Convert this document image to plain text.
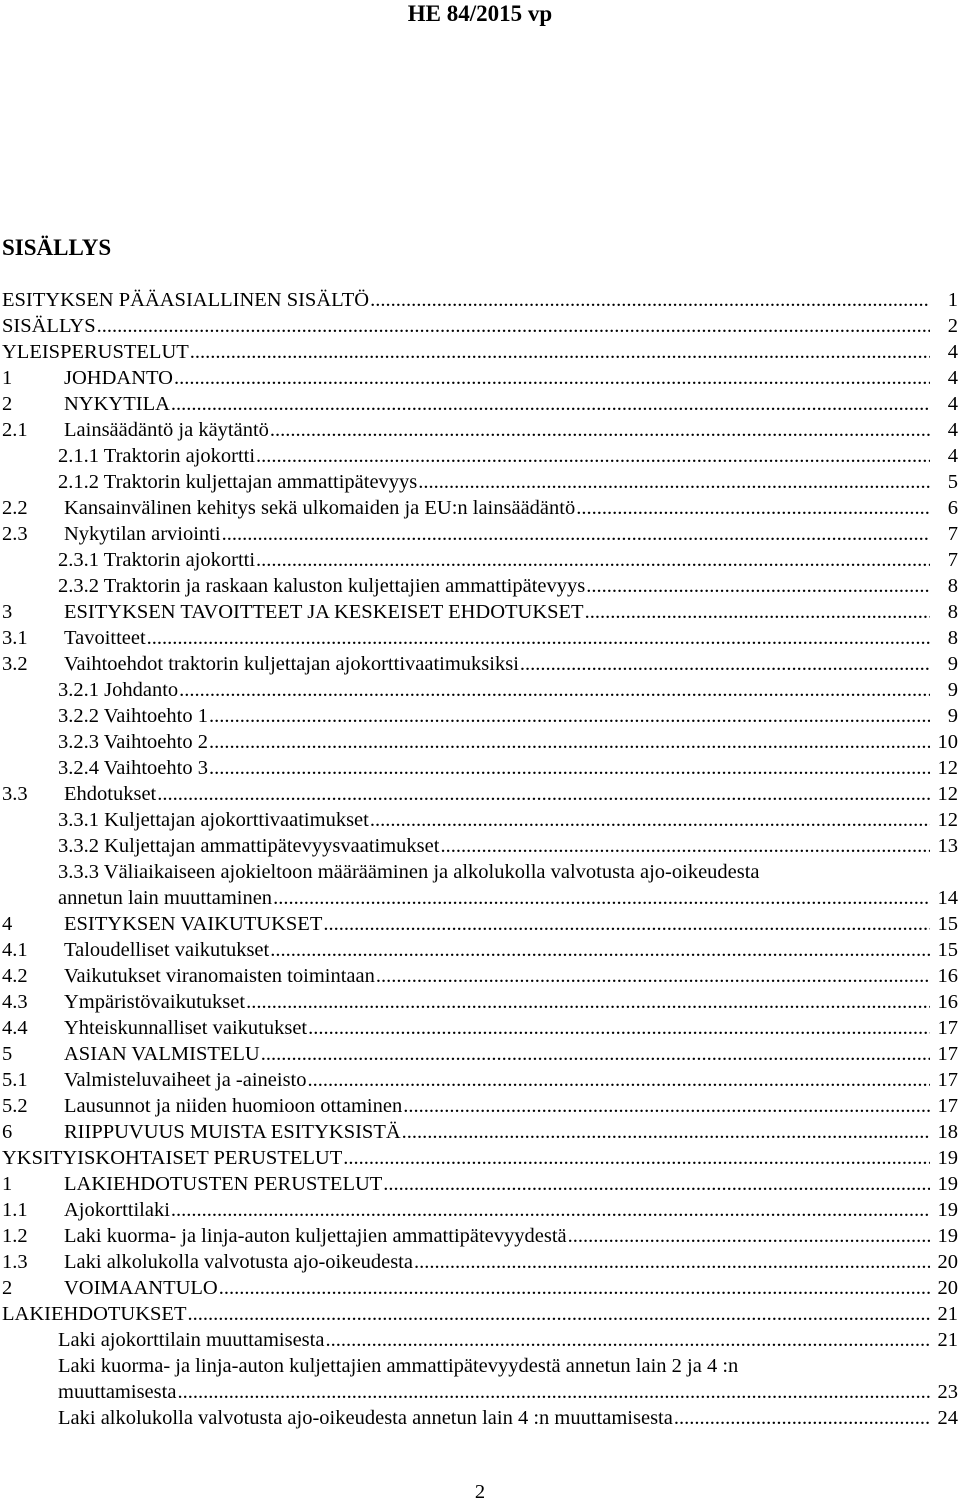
HE 84/2015 vp
SISÄLLYS
ESITYKSEN PÄÄASIALLINEN SISÄLTÖ .....	1
SISÄLLYS .....	2
YLEISPERUSTELUT .....	4
1	JOHDANTO .....	4
2	NYKYTILA .....	4
2.1 Lainsäädäntö ja käytäntö .....	4
2.1.1 Traktorin ajokortti .....	4
2.1.2 Traktorin kuljettajan ammattipätevyys .....	5
2.2 Kansainvälinen kehitys sekä ulkomaiden ja EU:n lainsäädäntö .....	6
2.3 Nykytilan arviointi .....	7
2.3.1 Traktorin ajokortti .....	7
2.3.2 Traktorin ja raskaan kaluston kuljettajien ammattipätevyys .....	8
3	ESITYKSEN TAVOITTEET JA KESKEISET EHDOTUKSET .....	8
3.1 Tavoitteet .....	8
3.2 Vaihtoehdot traktorin kuljettajan ajokorttivaatimuksiksi .....	9
3.2.1 Johdanto .....	9
3.2.2 Vaihtoehto 1 .....	9
3.2.3 Vaihtoehto 2 .....	10
3.2.4 Vaihtoehto 3 .....	12
3.3 Ehdotukset .....	12
3.3.1 Kuljettajan ajokorttivaatimukset .....	12
3.3.2 Kuljettajan ammattipätevyysvaatimukset .....	13
3.3.3 Väliaikaiseen ajokieltoon määrääminen ja alkolukolla valvotusta ajo-oikeudesta
annetun lain muuttaminen .....	14
4	ESITYKSEN VAIKUTUKSET .....	15
4.1 Taloudelliset vaikutukset .....	15
4.2 Vaikutukset viranomaisten toimintaan .....	16
4.3 Ympäristövaikutukset .....	16
4.4 Yhteiskunnalliset vaikutukset .....	17
5	ASIAN VALMISTELU .....	17
5.1 Valmisteluvaiheet ja -aineisto .....	17
5.2 Lausunnot ja niiden huomioon ottaminen .....	17
6	RIIPPUVUUS MUISTA ESITYKSISTÄ .....	18
YKSITYISKOHTAISET PERUSTELUT .....	19
1	LAKIEHDOTUSTEN PERUSTELUT .....	19
1.1 Ajokorttilaki .....	19
1.2 Laki kuorma- ja linja-auton kuljettajien ammattipätevyydestä .....	19
1.3 Laki alkolukolla valvotusta ajo-oikeudesta .....	20
2	VOIMAANTULO .....	20
LAKIEHDOTUKSET .....	21
Laki ajokorttilain muuttamisesta .....	21
Laki kuorma- ja linja-auton kuljettajien ammattipätevyydestä annetun lain 2 ja 4 :n
muuttamisesta .....	23
Laki alkolukolla valvotusta ajo-oikeudesta annetun lain 4 :n muuttamisesta .....	24
2
